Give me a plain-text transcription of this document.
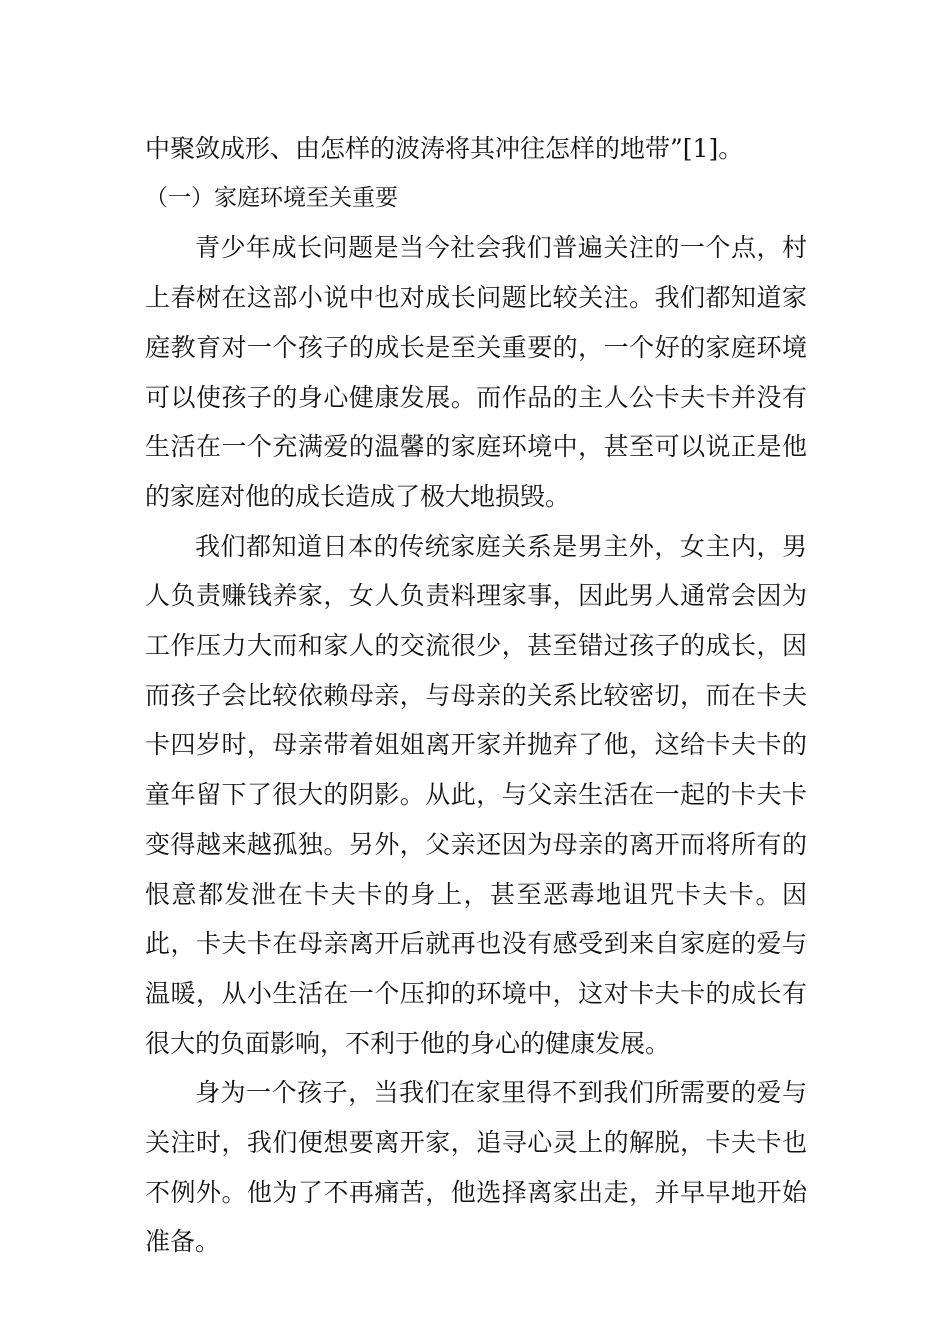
中聚敛成形、由怎样的波涛将其冲往怎样的地带”[1]。

（一）家庭环境至关重要

青少年成长问题是当今社会我们普遍关注的一个点，村上春树在这部小说中也对成长问题比较关注。我们都知道家庭教育对一个孩子的成长是至关重要的，一个好的家庭环境可以使孩子的身心健康发展。而作品的主人公卡夫卡并没有生活在一个充满爱的温馨的家庭环境中，甚至可以说正是他的家庭对他的成长造成了极大地损毁。

我们都知道日本的传统家庭关系是男主外，女主内，男人负责赚钱养家，女人负责料理家事，因此男人通常会因为工作压力大而和家人的交流很少，甚至错过孩子的成长，因而孩子会比较依赖母亲，与母亲的关系比较密切，而在卡夫卡四岁时，母亲带着姐姐离开家并抛弃了他，这给卡夫卡的童年留下了很大的阴影。从此，与父亲生活在一起的卡夫卡变得越来越孤独。另外，父亲还因为母亲的离开而将所有的恨意都发泄在卡夫卡的身上，甚至恶毒地诅咒卡夫卡。因此，卡夫卡在母亲离开后就再也没有感受到来自家庭的爱与温暖，从小生活在一个压抑的环境中，这对卡夫卡的成长有很大的负面影响，不利于他的身心的健康发展。

身为一个孩子，当我们在家里得不到我们所需要的爱与关注时，我们便想要离开家，追寻心灵上的解脱，卡夫卡也不例外。他为了不再痛苦，他选择离家出走，并早早地开始准备。
